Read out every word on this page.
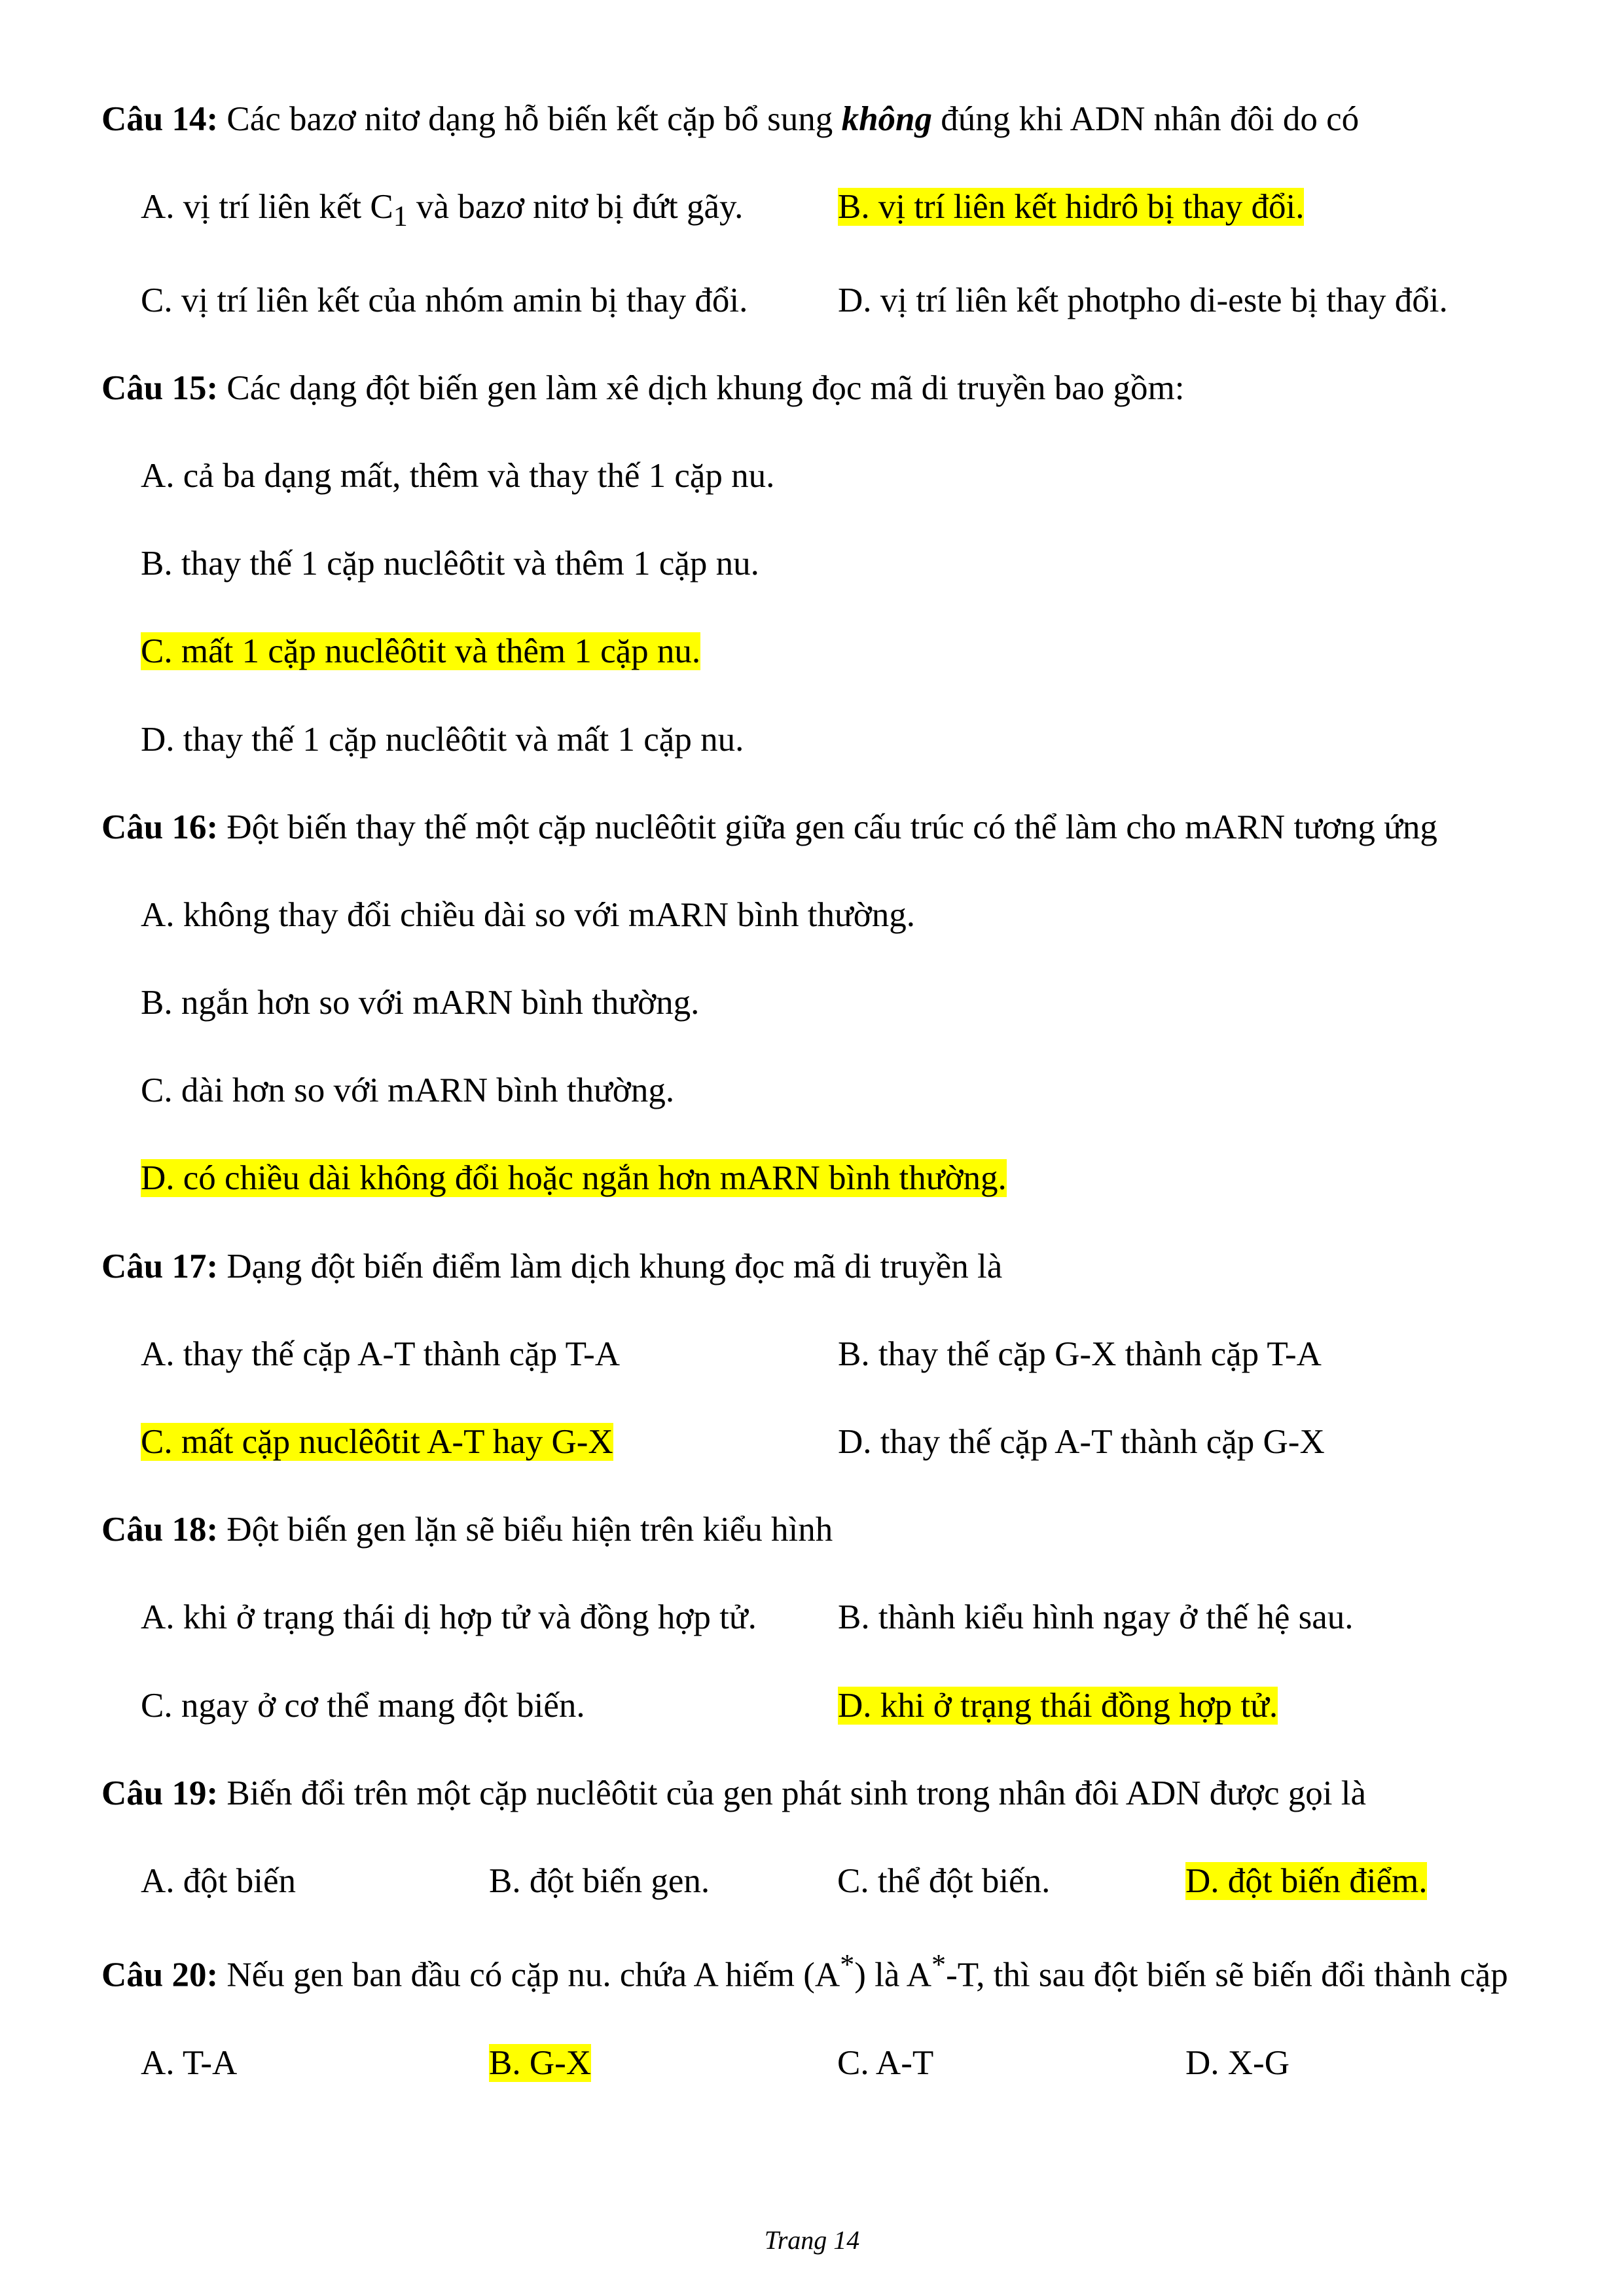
Câu 14: Các bazơ nitơ dạng hỗ biến kết cặp bổ sung không đúng khi ADN nhân đôi do có

A. vị trí liên kết $C_1$ và bazơ nitơ bị đứt gãy.	B. vị trí liên kết hidrô bị thay đổi.
C. vị trí liên kết của nhóm amin bị thay đổi.	D. vị trí liên kết photpho di-este bị thay đổi.

Câu 15: Các dạng đột biến gen làm xê dịch khung đọc mã di truyền bao gồm:

A. cả ba dạng mất, thêm và thay thế 1 cặp nu.
B. thay thế 1 cặp nuclêôtit và thêm 1 cặp nu.
C. mất 1 cặp nuclêôtit và thêm 1 cặp nu.
D. thay thế 1 cặp nuclêôtit và mất 1 cặp nu.

Câu 16: Đột biến thay thế một cặp nuclêôtit giữa gen cấu trúc có thể làm cho mARN tương ứng

A. không thay đổi chiều dài so với mARN bình thường.
B. ngắn hơn so với mARN bình thường.
C. dài hơn so với mARN bình thường.
D. có chiều dài không đổi hoặc ngắn hơn mARN bình thường.

Câu 17: Dạng đột biến điểm làm dịch khung đọc mã di truyền là

A. thay thế cặp A-T thành cặp T-A	B. thay thế cặp G-X thành cặp T-A
C. mất cặp nuclêôtit A-T hay G-X	D. thay thế cặp A-T thành cặp G-X

Câu 18: Đột biến gen lặn sẽ biểu hiện trên kiểu hình

A. khi ở trạng thái dị hợp tử và đồng hợp tử.	B. thành kiểu hình ngay ở thế hệ sau.
C. ngay ở cơ thể mang đột biến.	D. khi ở trạng thái đồng hợp tử.

Câu 19: Biến đổi trên một cặp nuclêôtit của gen phát sinh trong nhân đôi ADN được gọi là

A. đột biến	B. đột biến gen.	C. thể đột biến.	D. đột biến điểm.

Câu 20: Nếu gen ban đầu có cặp nu. chứa A hiếm (A*) là A*-T, thì sau đột biến sẽ biến đổi thành cặp

A. T-A	B. G-X	C. A-T	D. X-G
Trang 14
